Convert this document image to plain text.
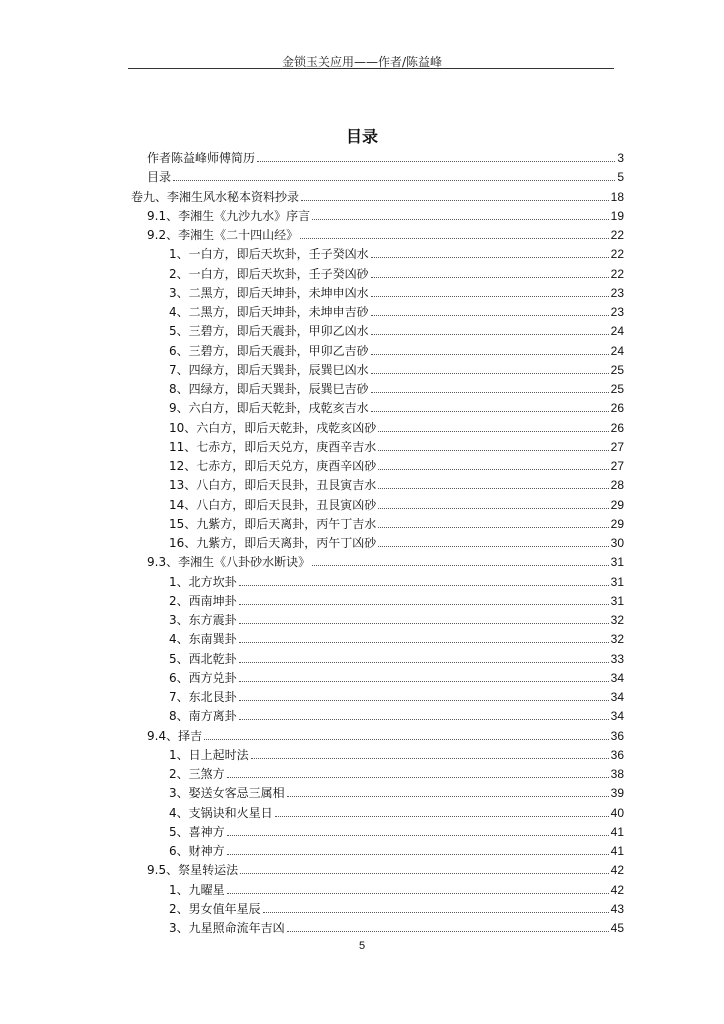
金锁玉关应用——作者/陈益峰
目录
作者陈益峰师傅简历	3
目录	5
卷九、李湘生风水秘本资料抄录	18
9.1、李湘生《九沙九水》序言	19
9.2、李湘生《二十四山经》	22
1、一白方，即后天坎卦，壬子癸凶水	22
2、一白方，即后天坎卦，壬子癸凶砂	22
3、二黑方，即后天坤卦，未坤申凶水	23
4、二黑方，即后天坤卦，未坤申吉砂	23
5、三碧方，即后天震卦，甲卯乙凶水	24
6、三碧方，即后天震卦，甲卯乙吉砂	24
7、四绿方，即后天巽卦，辰巽巳凶水	25
8、四绿方，即后天巽卦，辰巽巳吉砂	25
9、六白方，即后天乾卦，戌乾亥吉水	26
10、六白方，即后天乾卦，戌乾亥凶砂	26
11、七赤方，即后天兑方，庚酉辛吉水	27
12、七赤方，即后天兑方，庚酉辛凶砂	27
13、八白方，即后天艮卦，丑艮寅吉水	28
14、八白方，即后天艮卦，丑艮寅凶砂	29
15、九紫方，即后天离卦，丙午丁吉水	29
16、九紫方，即后天离卦，丙午丁凶砂	30
9.3、李湘生《八卦砂水断诀》	31
1、北方坎卦	31
2、西南坤卦	31
3、东方震卦	32
4、东南巽卦	32
5、西北乾卦	33
6、西方兑卦	34
7、东北艮卦	34
8、南方离卦	34
9.4、择吉	36
1、日上起时法	36
2、三煞方	38
3、娶送女客忌三属相	39
4、支锅诀和火星日	40
5、喜神方	41
6、财神方	41
9.5、祭星转运法	42
1、九曜星	42
2、男女值年星辰	43
3、九星照命流年吉凶	45
5
